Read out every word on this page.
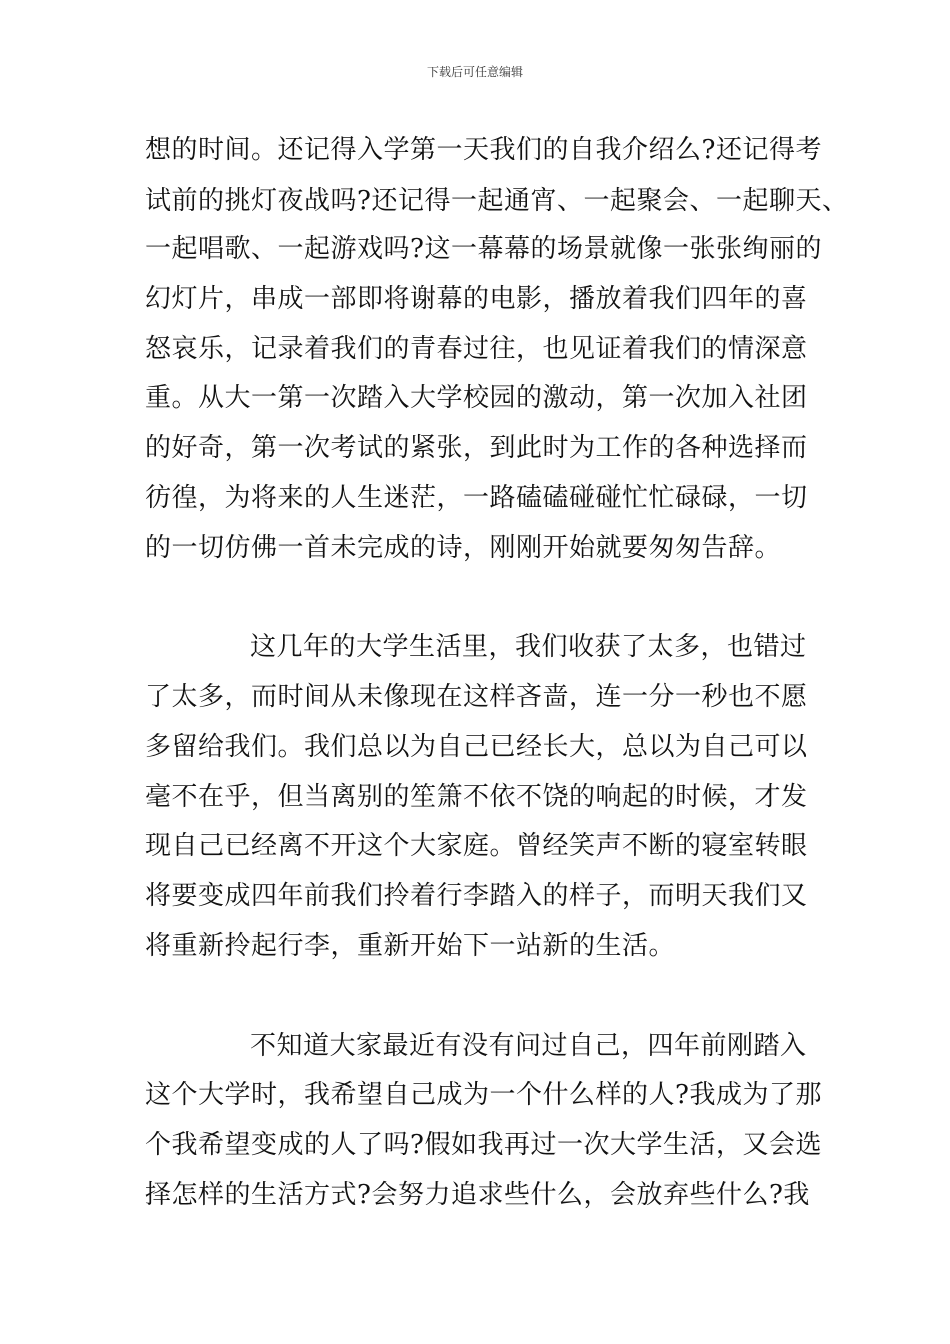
下载后可任意编辑
想的时间。还记得入学第一天我们的自我介绍么?还记得考
试前的挑灯夜战吗?还记得一起通宵、一起聚会、一起聊天、
一起唱歌、一起游戏吗?这一幕幕的场景就像一张张绚丽的
幻灯片，串成一部即将谢幕的电影，播放着我们四年的喜
怒哀乐，记录着我们的青春过往，也见证着我们的情深意
重。从大一第一次踏入大学校园的激动，第一次加入社团
的好奇，第一次考试的紧张，到此时为工作的各种选择而
彷徨，为将来的人生迷茫，一路磕磕碰碰忙忙碌碌，一切
的一切仿佛一首未完成的诗，刚刚开始就要匆匆告辞。
这几年的大学生活里，我们收获了太多，也错过
了太多，而时间从未像现在这样吝啬，连一分一秒也不愿
多留给我们。我们总以为自己已经长大，总以为自己可以
毫不在乎，但当离别的笙箫不依不饶的响起的时候，才发
现自己已经离不开这个大家庭。曾经笑声不断的寝室转眼
将要变成四年前我们拎着行李踏入的样子，而明天我们又
将重新拎起行李，重新开始下一站新的生活。
不知道大家最近有没有问过自己，四年前刚踏入
这个大学时，我希望自己成为一个什么样的人?我成为了那
个我希望变成的人了吗?假如我再过一次大学生活，又会选
择怎样的生活方式?会努力追求些什么，会放弃些什么?我
